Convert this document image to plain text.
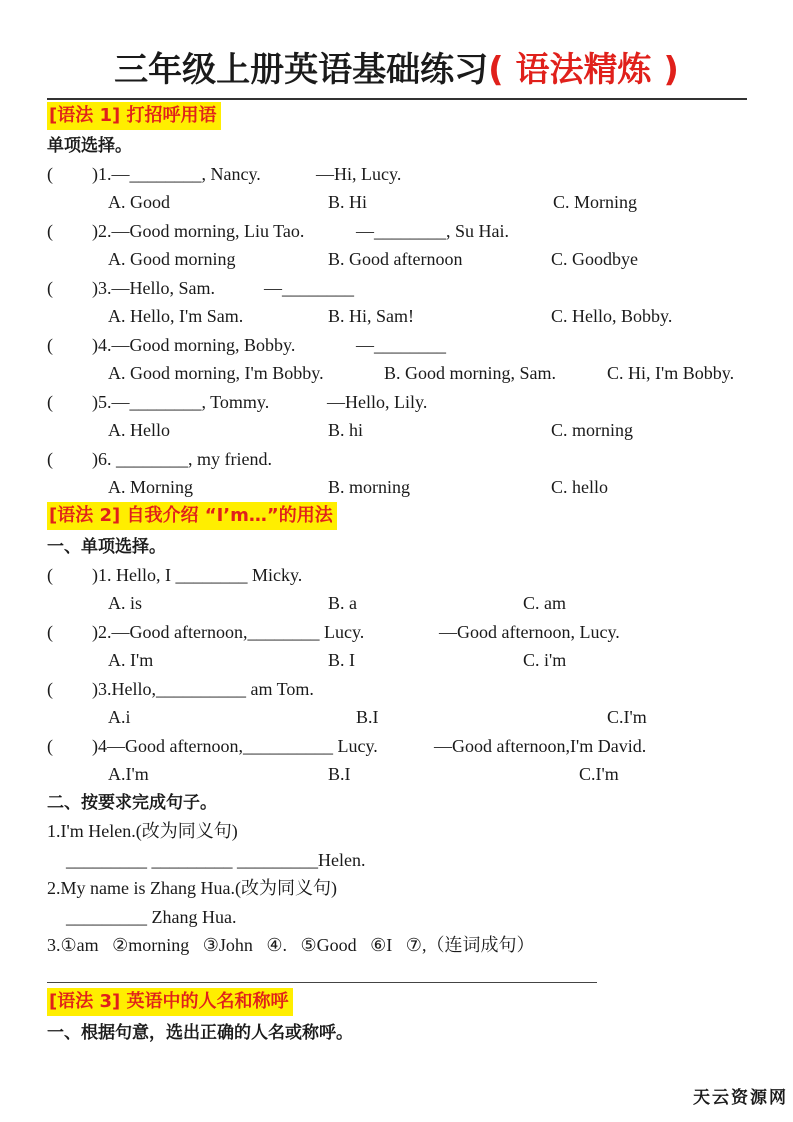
三年级上册英语基础练习( 语法精炼 )
[语法 1] 打招呼用语
单项选择。
( )1.—________, Nancy.	—Hi, Lucy.
A. Good	B. Hi	C. Morning
( )2.—Good morning, Liu Tao.	—________, Su Hai.
A. Good morning	B. Good afternoon	C. Goodbye
( )3.—Hello, Sam.	—________
A. Hello, I'm Sam.	B. Hi, Sam!	C. Hello, Bobby.
( )4.—Good morning, Bobby.	—________
A. Good morning, I'm Bobby.	B. Good morning, Sam.	C. Hi, I'm Bobby.
( )5.—________, Tommy.	—Hello, Lily.
A. Hello	B. hi	C. morning
( )6. ________, my friend.
A. Morning	B. morning	C. hello
[语法 2] 自我介绍 “I’m…”的用法
一、单项选择。
( )1. Hello, I ________ Micky.
A. is	B. a	C. am
( )2.—Good afternoon,________ Lucy.	—Good afternoon, Lucy.
A. I'm	B. I	C. i'm
( )3.Hello,__________ am Tom.
A.i	B.I	C.I'm
( )4—Good afternoon,__________ Lucy.	—Good afternoon,I'm David.
A.I'm	B.I	C.I'm
二、按要求完成句子。
1.I'm Helen.(改为同义句)
_________ _________ _________Helen.
2.My name is Zhang Hua.(改为同义句)
_________ Zhang Hua.
3.①am   ②morning   ③John   ④.   ⑤Good   ⑥I   ⑦,（连词成句）
[语法 3] 英语中的人名和称呼
一、根据句意，选出正确的人名或称呼。
天云资源网
